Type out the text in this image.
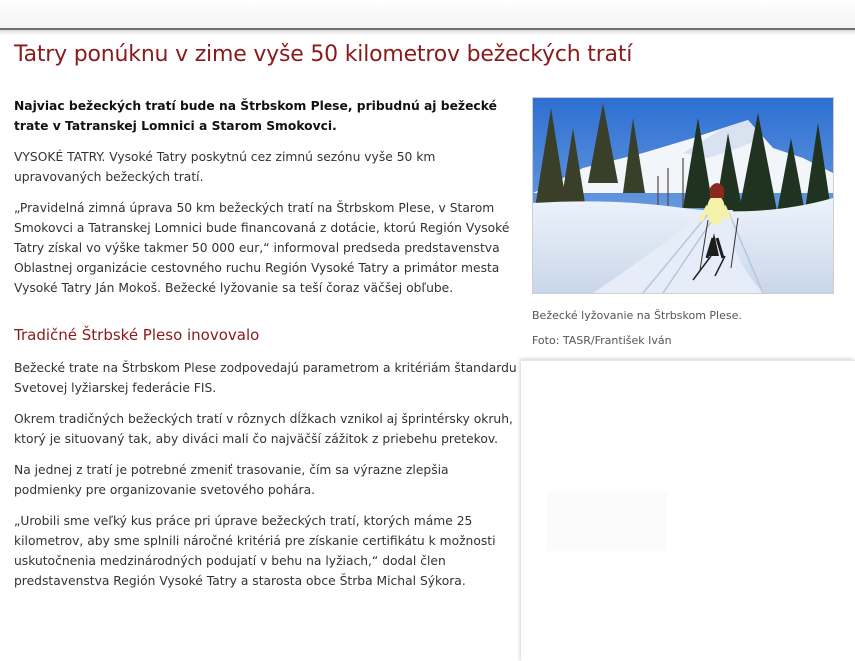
Tatry ponúknu v zime vyše 50 kilometrov bežeckých tratí

Najviac bežeckých tratí bude na Štrbskom Plese, pribudnú aj bežecké trate v Tatranskej Lomnici a Starom Smokovci.

VYSOKÉ TATRY. Vysoké Tatry poskytnú cez zimnú sezónu vyše 50 km upravovaných bežeckých tratí.

„Pravidelná zimná úprava 50 km bežeckých tratí na Štrbskom Plese, v Starom Smokovci a Tatranskej Lomnici bude financovaná z dotácie, ktorú Región Vysoké Tatry získal vo výške takmer 50 000 eur,“ informoval predseda predstavenstva Oblastnej organizácie cestovného ruchu Región Vysoké Tatry a primátor mesta Vysoké Tatry Ján Mokoš. Bežecké lyžovanie sa teší čoraz väčšej obľube.

Tradičné Štrbské Pleso inovovalo

Bežecké trate na Štrbskom Plese zodpovedajú parametrom a kritériám štandardu Svetovej lyžiarskej federácie FIS.

Okrem tradičných bežeckých tratí v rôznych dĺžkach vznikol aj šprintérsky okruh, ktorý je situovaný tak, aby diváci mali čo najväčší zážitok z priebehu pretekov.

Na jednej z tratí je potrebné zmeniť trasovanie, čím sa výrazne zlepšia podmienky pre organizovanie svetového pohára.

„Urobili sme veľký kus práce pri úprave bežeckých tratí, ktorých máme 25 kilometrov, aby sme splnili náročné kritériá pre získanie certifikátu k možnosti uskutočnenia medzinárodných podujatí v behu na lyžiach,“ dodal člen predstavenstva Región Vysoké Tatry a starosta obce Štrba Michal Sýkora.

Bežecké lyžovanie na Štrbskom Plese.
Foto: TASR/František Iván
